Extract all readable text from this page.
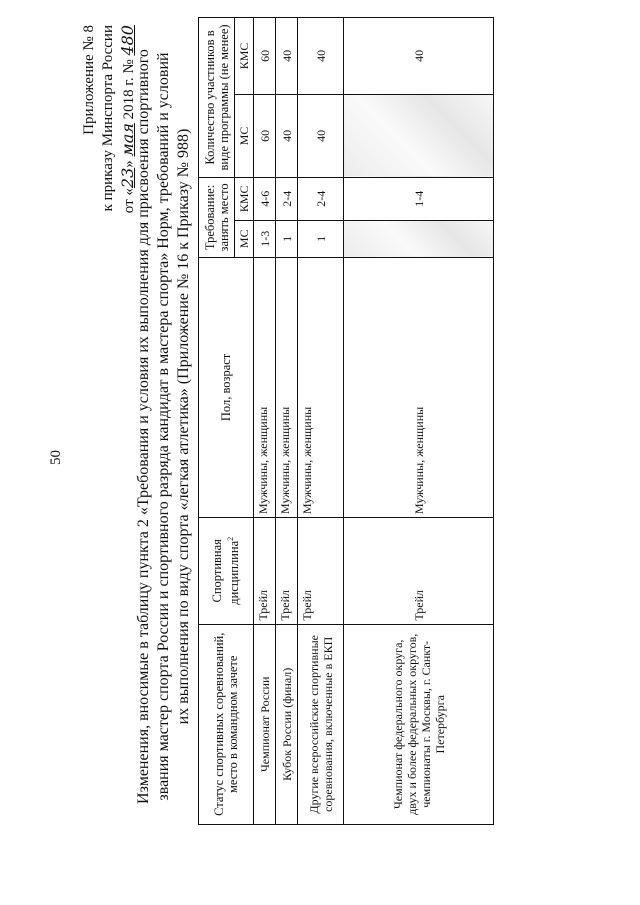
50
Приложение № 8 к приказу Минспорта России от «23» мая 2018 г. № 480
Изменения, вносимые в таблицу пункта 2 «Требования и условия их выполнения для присвоения спортивного звания мастер спорта России и спортивного разряда кандидат в мастера спорта» Норм, требований и условий их выполнения по виду спорта «легкая атлетика» (Приложение № 16 к Приказу № 988) Статус спортивных соревнований, место в командном зачете	Спортивная дисциплина$^2$	Пол, возраст	Требование: занять место		Количество участников в виде программы (не менее)	
			МС	КМС	МС	КМС
Чемпионат России	Трейл	Мужчины, женщины	1-3	4-6	60	60
Кубок России (финал)	Трейл	Мужчины, женщины	1	2-4	40	40
Другие всероссийские спортивные соревнования, включенные в ЕКП	Трейл	Мужчины, женщины	1	2-4	40	40
Чемпионат федерального округа, двух и более федеральных округов, чемпионаты г. Москвы, г. Санкт-Петербурга	Трейл	Мужчины, женщины		1-4		40
